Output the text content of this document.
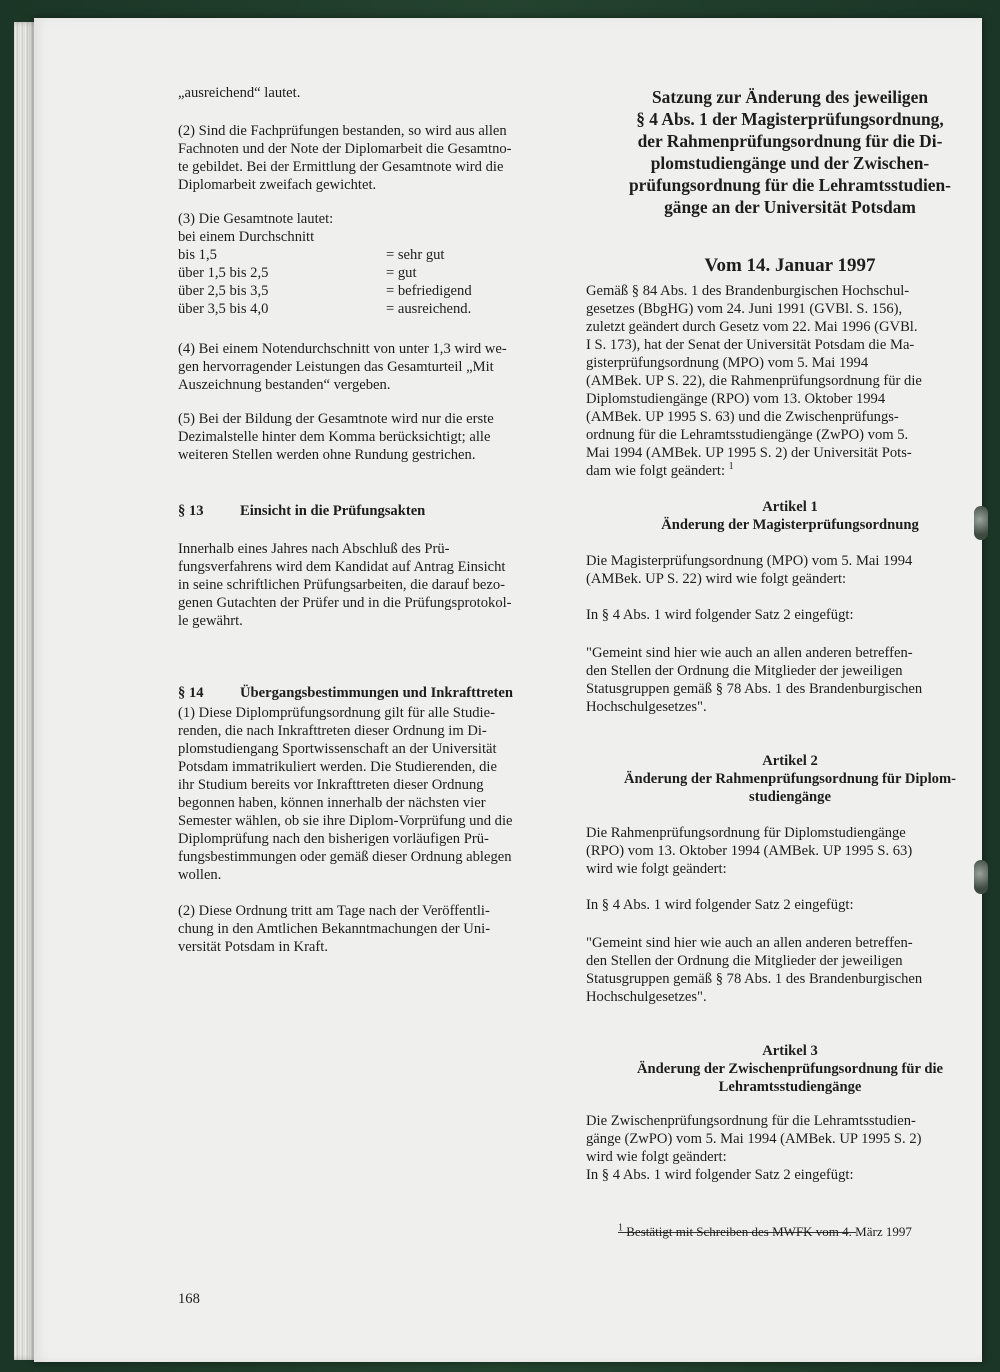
„ausreichend“ lautet.

(2) Sind die Fachprüfungen bestanden, so wird aus allen

Fachnoten und der Note der Diplomarbeit die Gesamtno-

te gebildet. Bei der Ermittlung der Gesamtnote wird die

Diplomarbeit zweifach gewichtet.

(3) Die Gesamtnote lautet:

bei einem Durchschnitt

bis 1,5	= sehr gut
über 1,5 bis 2,5	= gut
über 2,5 bis 3,5	= befriedigend
über 3,5 bis 4,0	= ausreichend.

(4) Bei einem Notendurchschnitt von unter 1,3 wird we-

gen hervorragender Leistungen das Gesamturteil „Mit

Auszeichnung bestanden“ vergeben.

(5) Bei der Bildung der Gesamtnote wird nur die erste

Dezimalstelle hinter dem Komma berücksichtigt; alle

weiteren Stellen werden ohne Rundung gestrichen.

§ 13 Einsicht in die Prüfungsakten

Innerhalb eines Jahres nach Abschluß des Prü-

fungsverfahrens wird dem Kandidat auf Antrag Einsicht

in seine schriftlichen Prüfungsarbeiten, die darauf bezo-

genen Gutachten der Prüfer und in die Prüfungsprotokol-

le gewährt.

§ 14 Übergangsbestimmungen und Inkrafttreten

(1) Diese Diplomprüfungsordnung gilt für alle Studie-

renden, die nach Inkrafttreten dieser Ordnung im Di-

plomstudiengang Sportwissenschaft an der Universität

Potsdam immatrikuliert werden. Die Studierenden, die

ihr Studium bereits vor Inkrafttreten dieser Ordnung

begonnen haben, können innerhalb der nächsten vier

Semester wählen, ob sie ihre Diplom-Vorprüfung und die

Diplomprüfung nach den bisherigen vorläufigen Prü-

fungsbestimmungen oder gemäß dieser Ordnung ablegen

wollen.

(2) Diese Ordnung tritt am Tage nach der Veröffentli-

chung in den Amtlichen Bekanntmachungen der Uni-

versität Potsdam in Kraft.

168

Satzung zur Änderung des jeweiligen

§ 4 Abs. 1 der Magisterprüfungsordnung,

der Rahmenprüfungsordnung für die Di-

plomstudiengänge und der Zwischen-

prüfungsordnung für die Lehramtsstudien-

gänge an der Universität Potsdam

Vom 14. Januar 1997

Gemäß § 84 Abs. 1 des Brandenburgischen Hochschul-

gesetzes (BbgHG) vom 24. Juni 1991 (GVBl. S. 156),

zuletzt geändert durch Gesetz vom 22. Mai 1996 (GVBl.

I S. 173), hat der Senat der Universität Potsdam die Ma-

gisterprüfungsordnung (MPO) vom 5. Mai 1994

(AMBek. UP S. 22), die Rahmenprüfungsordnung für die

Diplomstudiengänge (RPO) vom 13. Oktober 1994

(AMBek. UP 1995 S. 63) und die Zwischenprüfungs-

ordnung für die Lehramtsstudiengänge (ZwPO) vom 5.

Mai 1994 (AMBek. UP 1995 S. 2) der Universität Pots-

dam wie folgt geändert: $^1$

Artikel 1

Änderung der Magisterprüfungsordnung

Die Magisterprüfungsordnung (MPO) vom 5. Mai 1994

(AMBek. UP S. 22) wird wie folgt geändert:

In § 4 Abs. 1 wird folgender Satz 2 eingefügt:

"Gemeint sind hier wie auch an allen anderen betreffen-

den Stellen der Ordnung die Mitglieder der jeweiligen

Statusgruppen gemäß § 78 Abs. 1 des Brandenburgischen

Hochschulgesetzes".

Artikel 2

Änderung der Rahmenprüfungsordnung für Diplom-

studiengänge

Die Rahmenprüfungsordnung für Diplomstudiengänge

(RPO) vom 13. Oktober 1994 (AMBek. UP 1995 S. 63)

wird wie folgt geändert:

In § 4 Abs. 1 wird folgender Satz 2 eingefügt:

"Gemeint sind hier wie auch an allen anderen betreffen-

den Stellen der Ordnung die Mitglieder der jeweiligen

Statusgruppen gemäß § 78 Abs. 1 des Brandenburgischen

Hochschulgesetzes".

Artikel 3

Änderung der Zwischenprüfungsordnung für die

Lehramtsstudiengänge

Die Zwischenprüfungsordnung für die Lehramtsstudien-

gänge (ZwPO) vom 5. Mai 1994 (AMBek. UP 1995 S. 2)

wird wie folgt geändert:

In § 4 Abs. 1 wird folgender Satz 2 eingefügt:

$^1$ Bestätigt mit Schreiben des MWFK vom 4. März 1997
